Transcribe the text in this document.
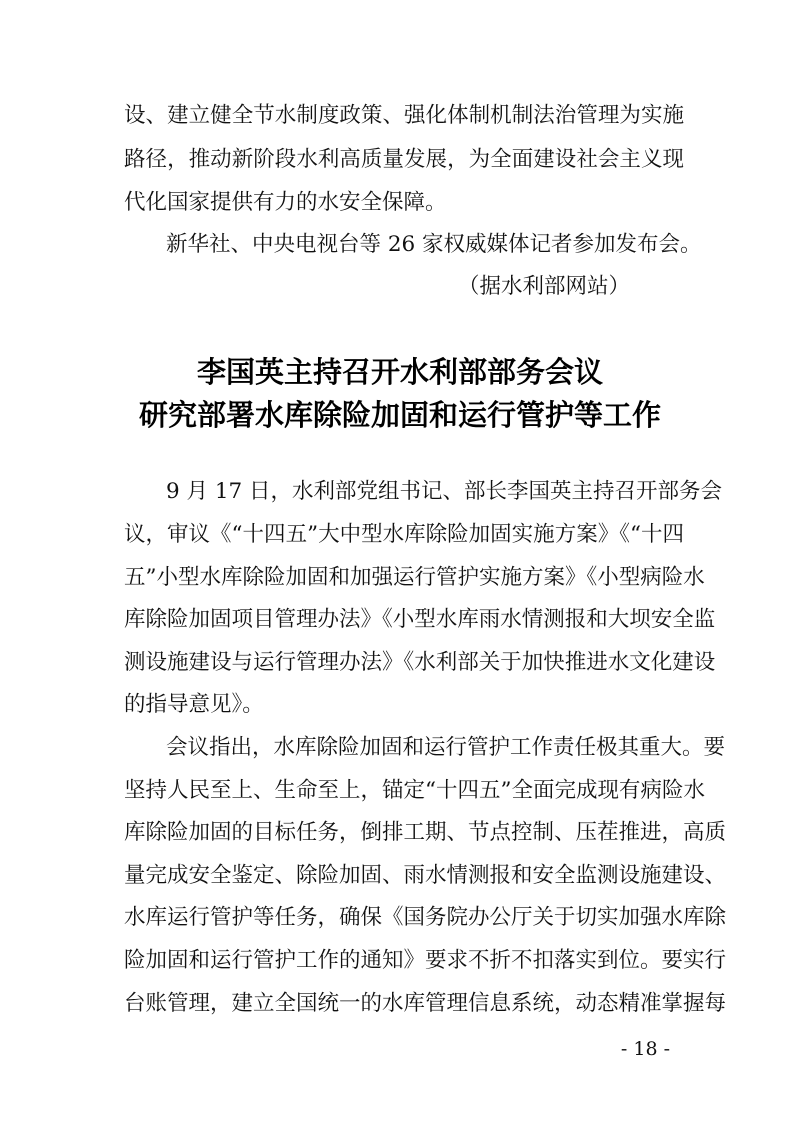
设、建立健全节水制度政策、强化体制机制法治管理为实施

路径，推动新阶段水利高质量发展，为全面建设社会主义现

代化国家提供有力的水安全保障。

新华社、中央电视台等 26 家权威媒体记者参加发布会。

（据水利部网站）

李国英主持召开水利部部务会议
研究部署水库除险加固和运行管护等工作

9 月 17 日，水利部党组书记、部长李国英主持召开部务会

议，审议《“十四五”大中型水库除险加固实施方案》《“十四

五”小型水库除险加固和加强运行管护实施方案》《小型病险水

库除险加固项目管理办法》《小型水库雨水情测报和大坝安全监

测设施建设与运行管理办法》《水利部关于加快推进水文化建设

的指导意见》。

会议指出，水库除险加固和运行管护工作责任极其重大。要

坚持人民至上、生命至上，锚定“十四五”全面完成现有病险水

库除险加固的目标任务，倒排工期、节点控制、压茬推进，高质

量完成安全鉴定、除险加固、雨水情测报和安全监测设施建设、

水库运行管护等任务，确保《国务院办公厅关于切实加强水库除

险加固和运行管护工作的通知》要求不折不扣落实到位。要实行

台账管理，建立全国统一的水库管理信息系统，动态精准掌握每

- 18 -
